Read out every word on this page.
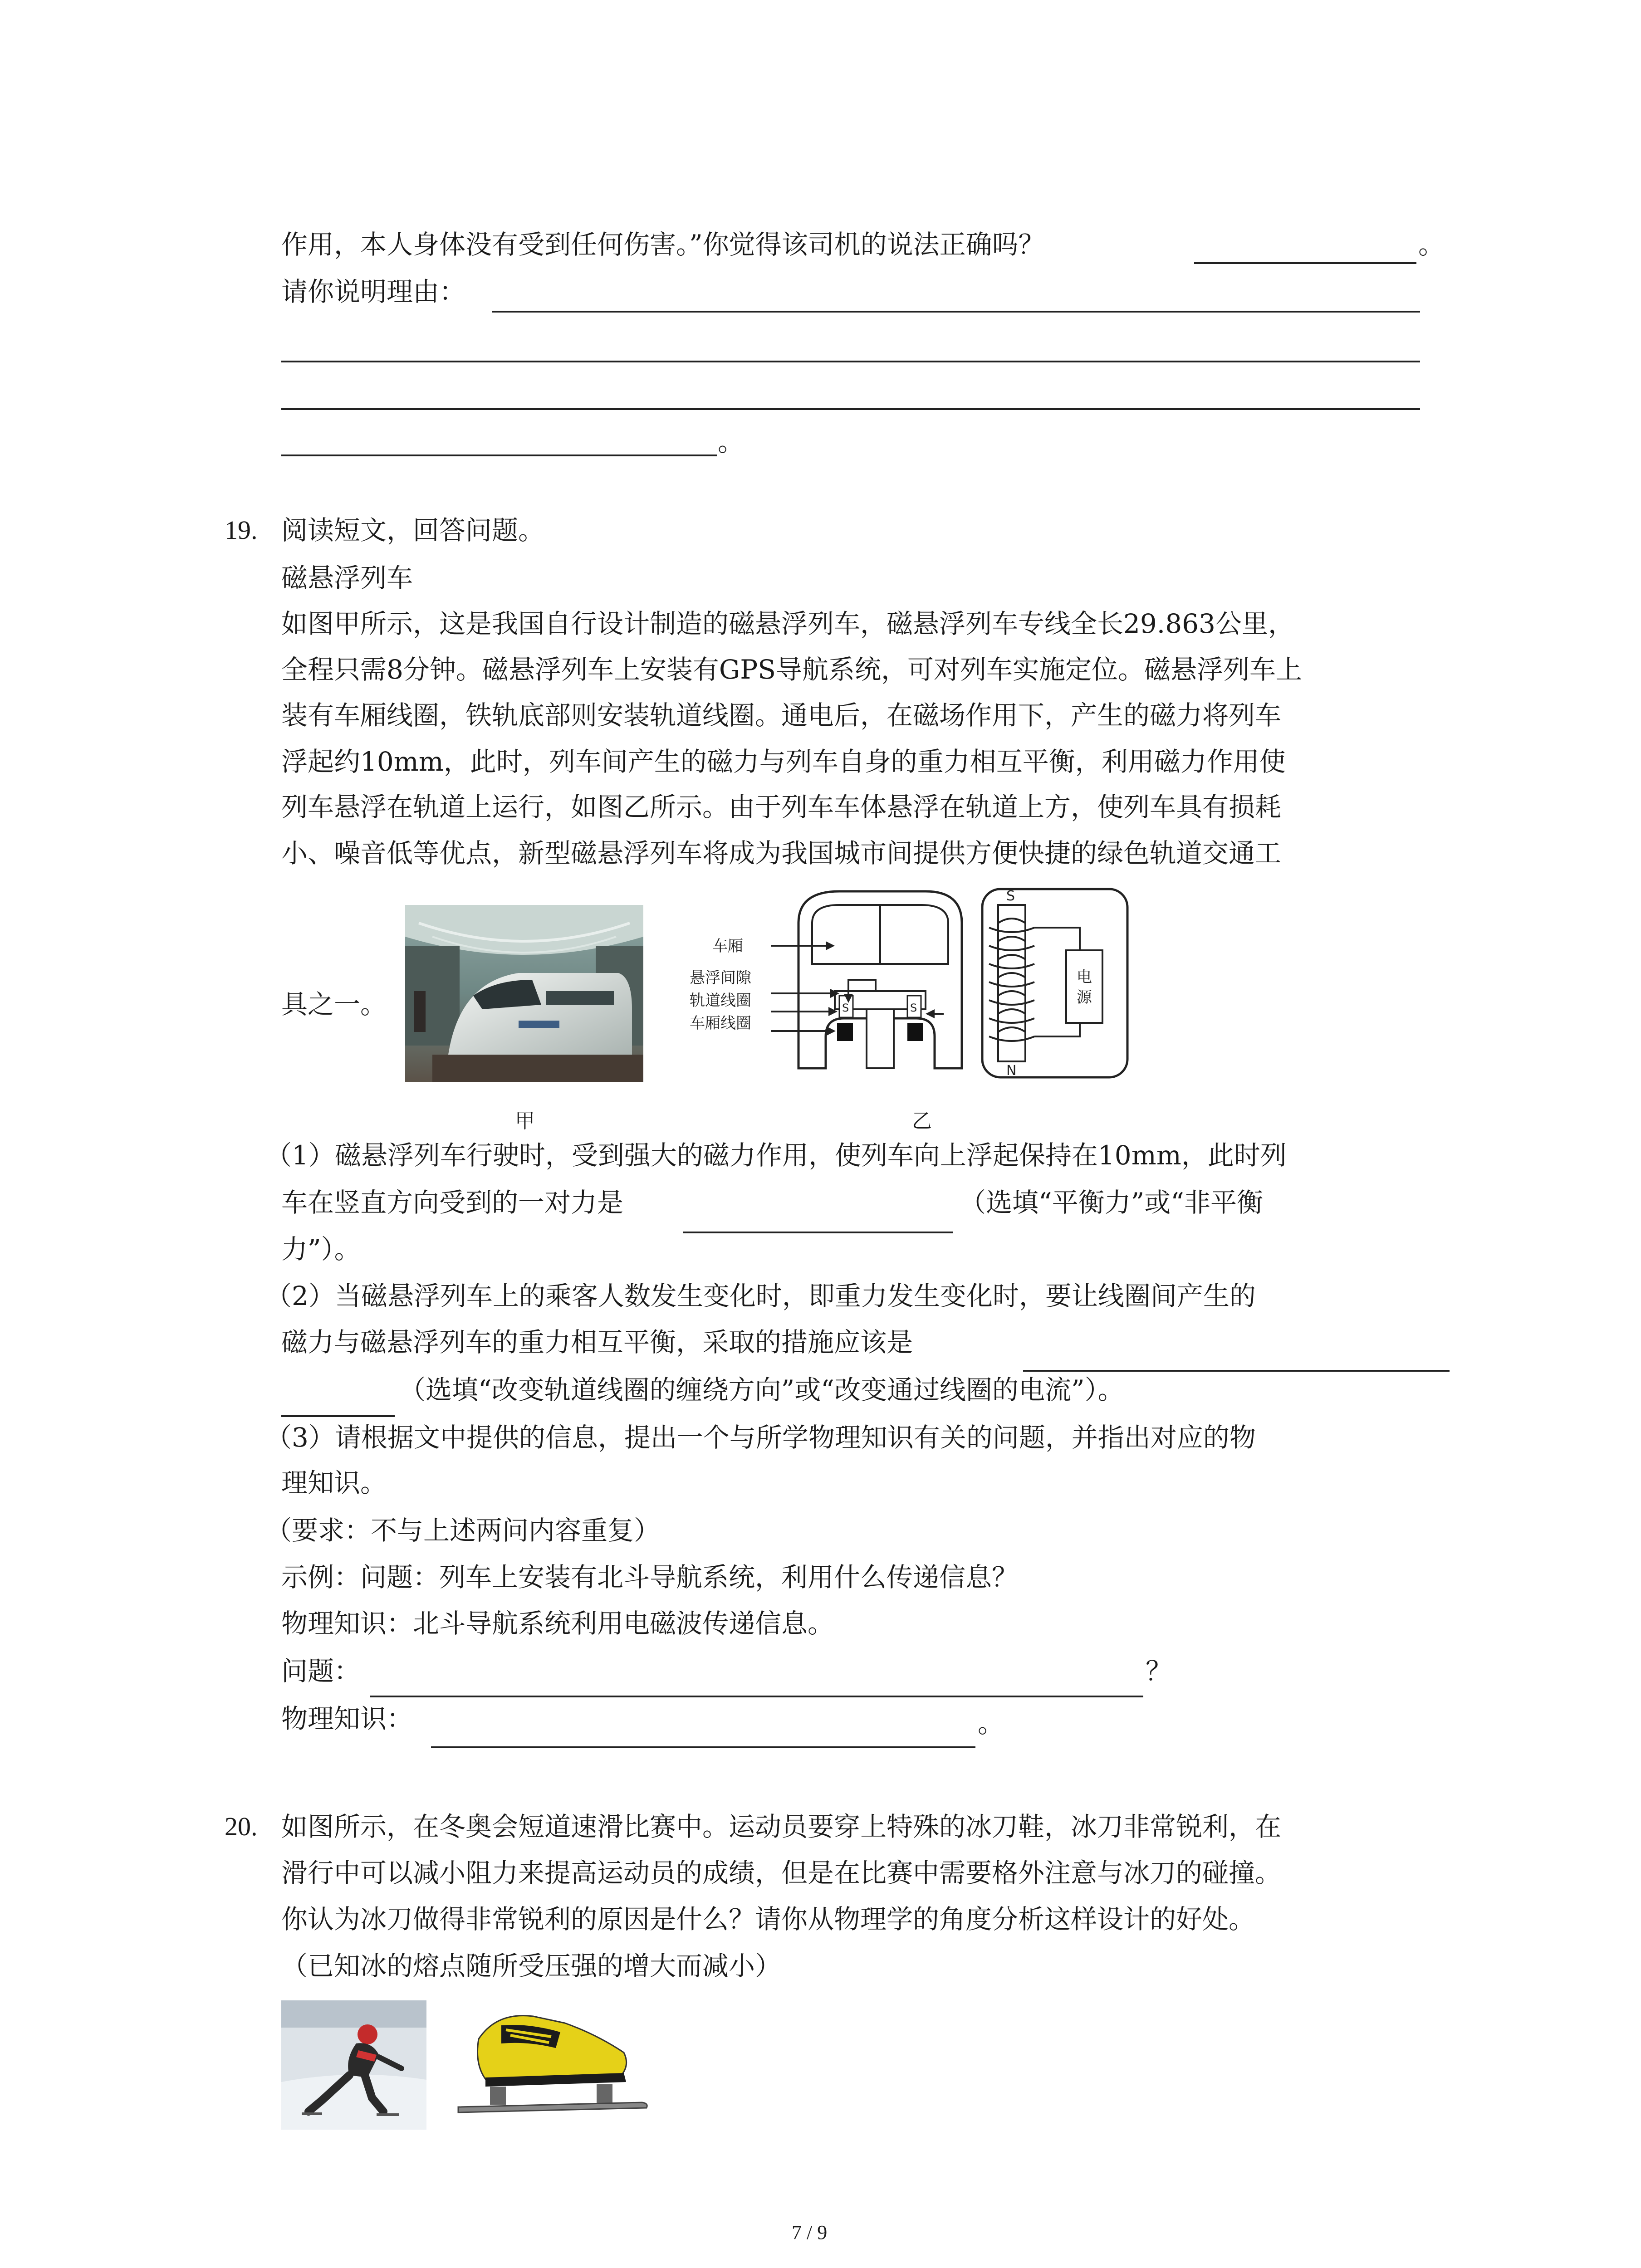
作用，本人身体没有受到任何伤害。”你觉得该司机的说法正确吗？	。
请你说明理由：
。
19. 阅读短文，回答问题。
磁悬浮列车
如图甲所示，这是我国自行设计制造的磁悬浮列车，磁悬浮列车专线全长29.863公里，
全程只需8分钟。磁悬浮列车上安装有GPS导航系统，可对列车实施定位。磁悬浮列车上
装有车厢线圈，铁轨底部则安装轨道线圈。通电后，在磁场作用下，产生的磁力将列车
浮起约10mm，此时，列车间产生的磁力与列车自身的重力相互平衡，利用磁力作用使
列车悬浮在轨道上运行，如图乙所示。由于列车车体悬浮在轨道上方，使列车具有损耗
小、噪音低等优点，新型磁悬浮列车将成为我国城市间提供方便快捷的绿色轨道交通工
具之一。
甲
S	S
车厢
悬浮间隙
轨道线圈
车厢线圈
S
N
电
源
乙
（1）磁悬浮列车行驶时，受到强大的磁力作用，使列车向上浮起保持在10mm，此时列
车在竖直方向受到的一对力是	（选填“平衡力”或“非平衡
力”）。
（2）当磁悬浮列车上的乘客人数发生变化时，即重力发生变化时，要让线圈间产生的
磁力与磁悬浮列车的重力相互平衡，采取的措施应该是
（选填“改变轨道线圈的缠绕方向”或“改变通过线圈的电流”）。
（3）请根据文中提供的信息，提出一个与所学物理知识有关的问题，并指出对应的物
理知识。
（要求：不与上述两问内容重复）
示例：问题：列车上安装有北斗导航系统，利用什么传递信息？
物理知识：北斗导航系统利用电磁波传递信息。
问题：	？
物理知识：	。
20. 如图所示，在冬奥会短道速滑比赛中。运动员要穿上特殊的冰刀鞋，冰刀非常锐利，在
滑行中可以减小阻力来提高运动员的成绩，但是在比赛中需要格外注意与冰刀的碰撞。
你认为冰刀做得非常锐利的原因是什么？请你从物理学的角度分析这样设计的好处。
（已知冰的熔点随所受压强的增大而减小）
7 / 9
